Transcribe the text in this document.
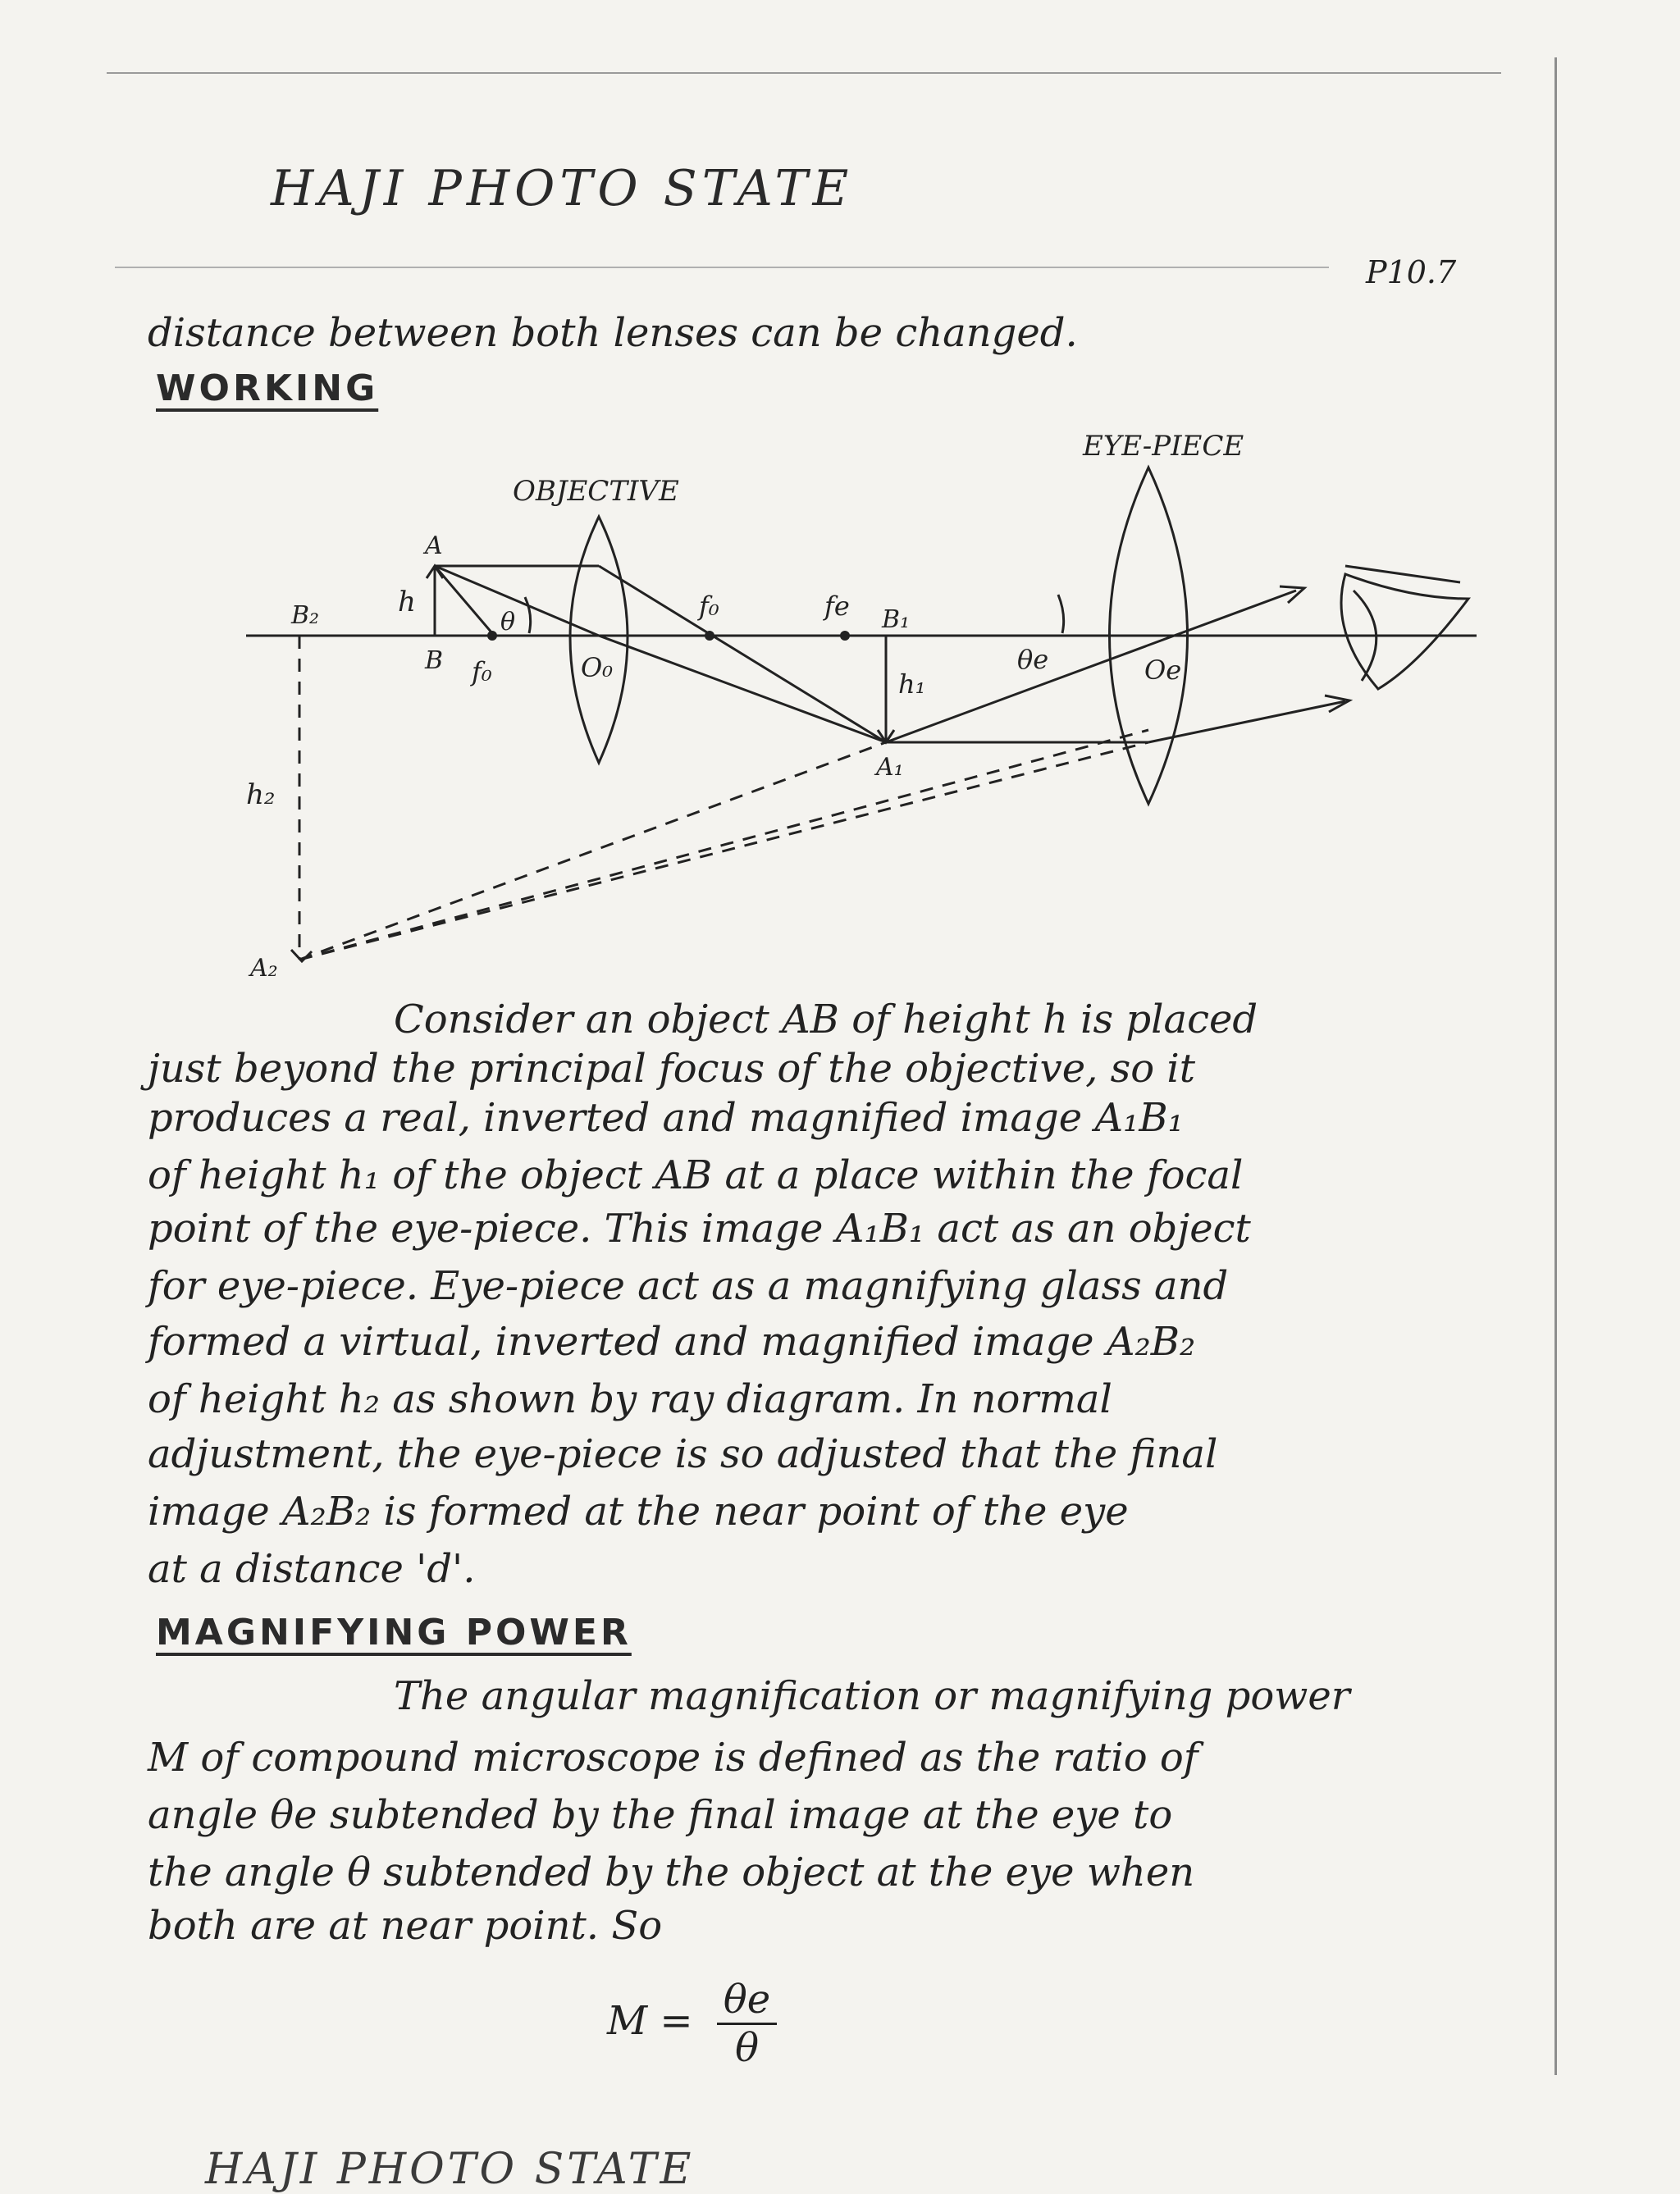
HAJI PHOTO STATE
P10.7
distance between both lenses can be changed.
WORKING
OBJECTIVE
EYE-PIECE
A
B
h
θ
B₂
h₂
A₂
f₀	O₀
f₀	fe B₁
h₁
A₁
θe	Oe
Consider an object AB of height h is placed
just beyond the principal focus of the objective, so it
produces a real, inverted and magnified image A₁B₁
of height h₁ of the object AB at a place within the focal
point of the eye-piece. This image A₁B₁ act as an object
for eye-piece. Eye-piece act as a magnifying glass and
formed a virtual, inverted and magnified image A₂B₂
of height h₂ as shown by ray diagram. In normal
adjustment, the eye-piece is so adjusted that the final
image A₂B₂ is formed at the near point of the eye
at a distance 'd'.
MAGNIFYING POWER
The angular magnification or magnifying power
M of compound microscope is defined as the ratio of
angle θe subtended by the final image at the eye to
the angle θ subtended by the object at the eye when
both are at near point. So
$M = \frac{\theta e}{\theta}$
HAJI PHOTO STATE
